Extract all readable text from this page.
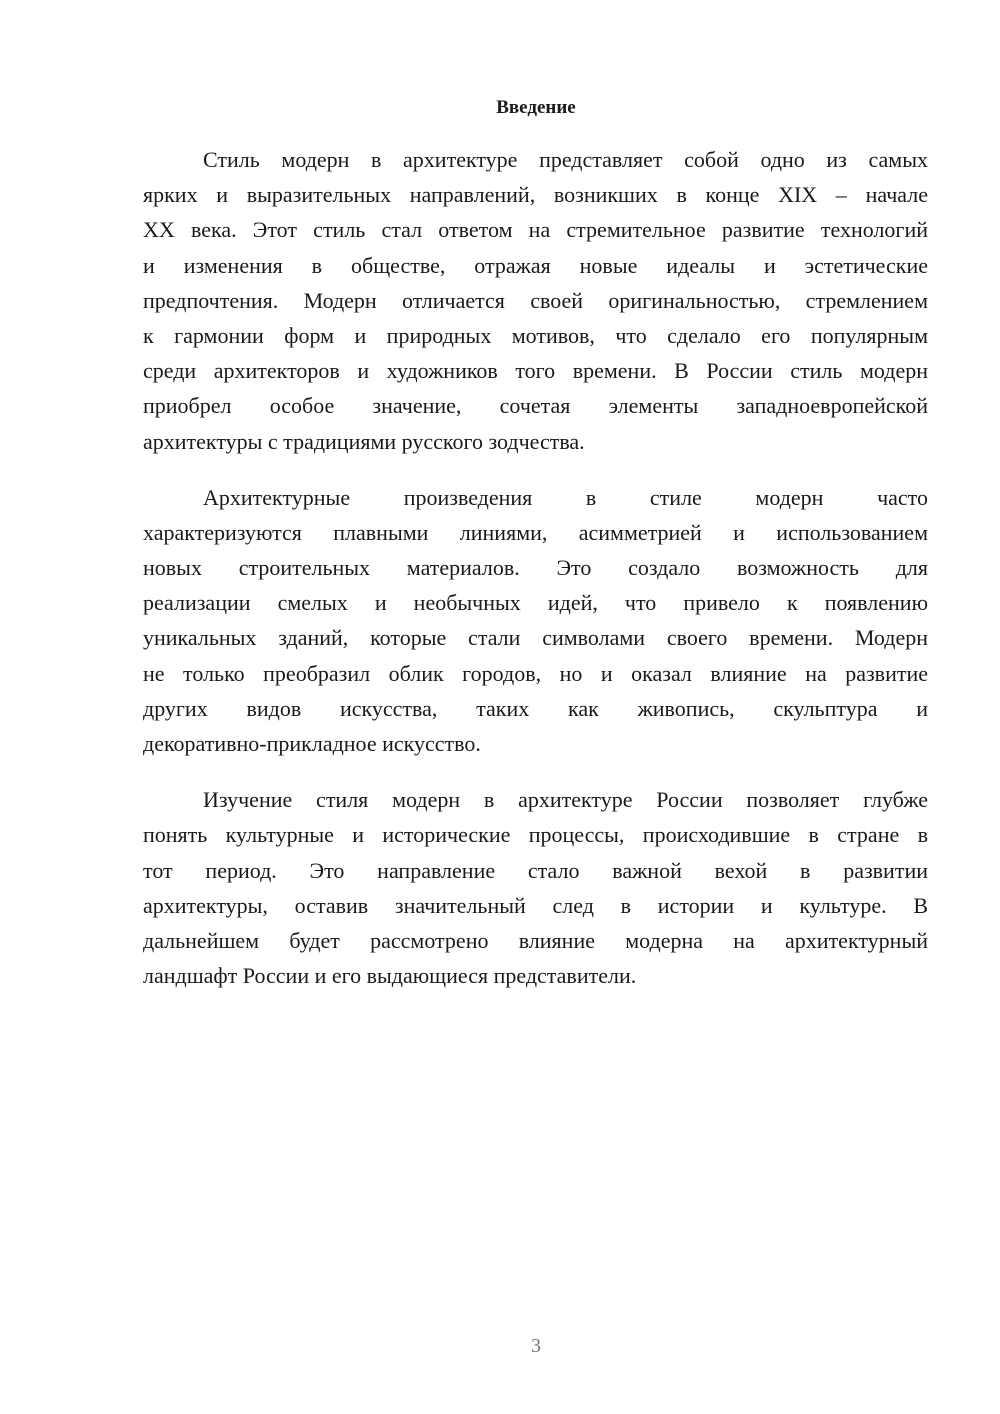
Введение
Стиль модерн в архитектуре представляет собой одно из самых
ярких и выразительных направлений, возникших в конце XIX – начале
XX века. Этот стиль стал ответом на стремительное развитие технологий
и изменения в обществе, отражая новые идеалы и эстетические
предпочтения. Модерн отличается своей оригинальностью, стремлением
к гармонии форм и природных мотивов, что сделало его популярным
среди архитекторов и художников того времени. В России стиль модерн
приобрел особое значение, сочетая элементы западноевропейской
архитектуры с традициями русского зодчества.
Архитектурные произведения в стиле модерн часто
характеризуются плавными линиями, асимметрией и использованием
новых строительных материалов. Это создало возможность для
реализации смелых и необычных идей, что привело к появлению
уникальных зданий, которые стали символами своего времени. Модерн
не только преобразил облик городов, но и оказал влияние на развитие
других видов искусства, таких как живопись, скульптура и
декоративно-прикладное искусство.
Изучение стиля модерн в архитектуре России позволяет глубже
понять культурные и исторические процессы, происходившие в стране в
тот период. Это направление стало важной вехой в развитии
архитектуры, оставив значительный след в истории и культуре. В
дальнейшем будет рассмотрено влияние модерна на архитектурный
ландшафт России и его выдающиеся представители.
3
